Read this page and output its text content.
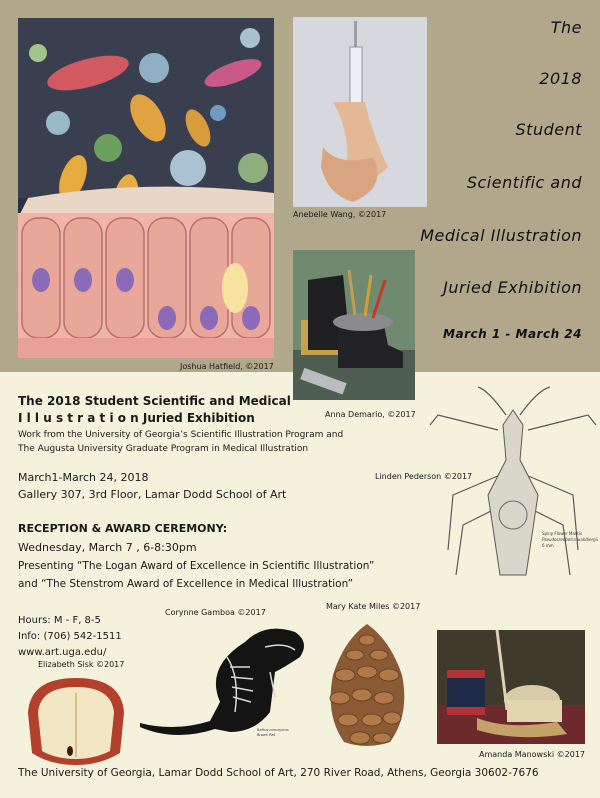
Joshua Hatfield, ©2017
Anebelle Wang, ©2017
The
2018
Student
Scientific and
Medical Illustration
Juried Exhibition
March 1 - March 24
Anna Demario, ©2017
The 2018 Student Scientific and Medical
I l l u s t r a t i o n Juried Exhibition
Work from the University of Georgia’s Scientific Illustration Program and
The Augusta University Graduate Program in Medical Illustration
March1-March 24, 2018
Gallery 307, 3rd Floor, Lamar Dodd School of Art
RECEPTION & AWARD CEREMONY:
Wednesday, March 7 , 6-8:30pm
Presenting “The Logan Award of Excellence in Scientific Illustration”
and “The Stenstrom Award of Excellence in Medical Illustration”
Hours: M - F, 8-5
Info: (706) 542-1511
www.art.uga.edu/
Spiny Flower Mantis
Pseudocreobotra wahlbergii
6 mm
Linden Pederson ©2017
Mary Kate Miles ©2017
Corynne Gamboa ©2017
Elizabeth Sisk ©2017
Rattus norvegicus
Brown Rat
Amanda Manowski ©2017
The University of Georgia, Lamar Dodd School of Art, 270 River Road, Athens, Georgia 30602-7676
